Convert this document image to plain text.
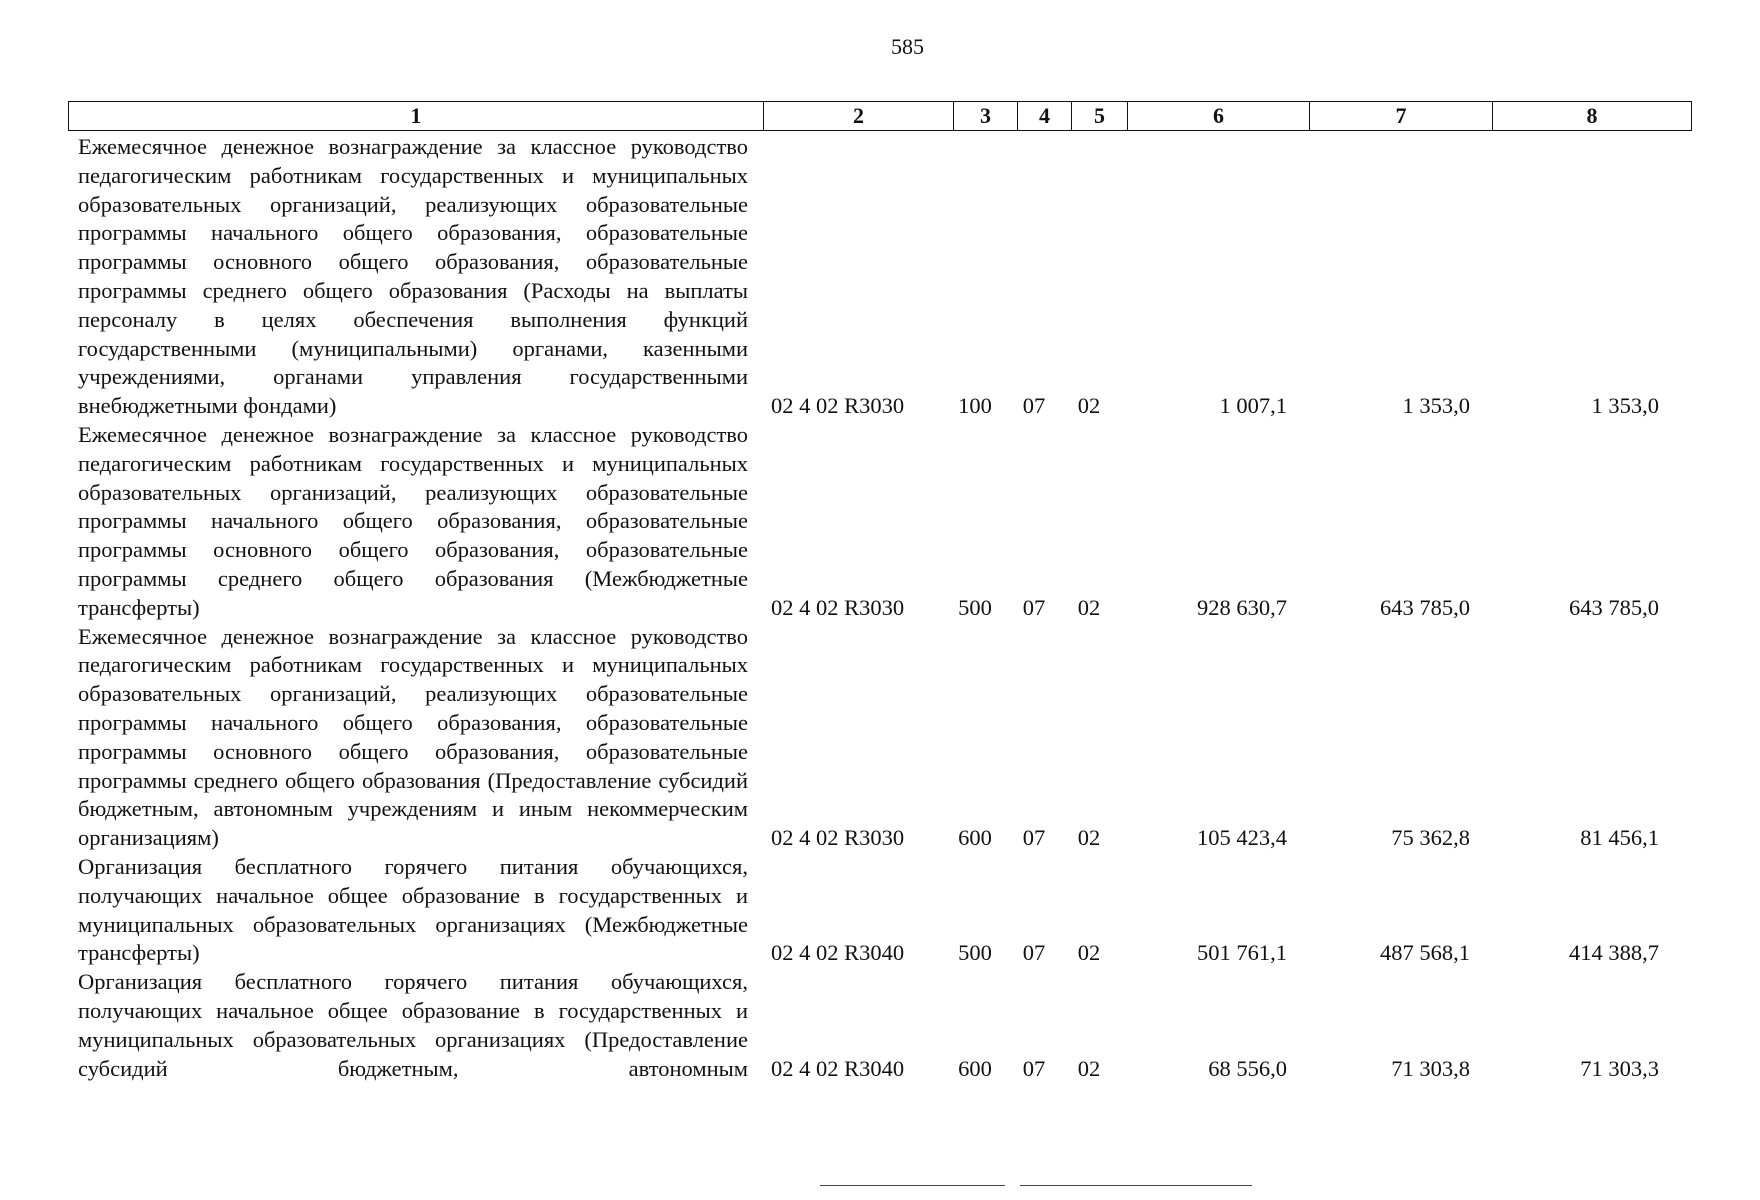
585
1	2	3	4	5	6	7	8
Ежемесячное денежное вознаграждение за классное руководство педагогическим работникам государственных и муниципальных образовательных организаций, реализующих образовательные программы начального общего образования, образовательные программы основного общего образования, образовательные программы среднего общего образования (Расходы на выплаты персоналу в целях обеспечения выполнения функций государственными (муниципальными) органами, казенными учреждениями, органами управления государственными внебюджетными фондами)	02 4 02 R3030	100	07	02	1 007,1	1 353,0	1 353,0
Ежемесячное денежное вознаграждение за классное руководство педагогическим работникам государственных и муниципальных образовательных организаций, реализующих образовательные программы начального общего образования, образовательные программы основного общего образования, образовательные программы среднего общего образования (Межбюджетные трансферты)	02 4 02 R3030	500	07	02	928 630,7	643 785,0	643 785,0
Ежемесячное денежное вознаграждение за классное руководство педагогическим работникам государственных и муниципальных образовательных организаций, реализующих образовательные программы начального общего образования, образовательные программы основного общего образования, образовательные программы среднего общего образования (Предоставление субсидий бюджетным, автономным учреждениям и иным некоммерческим организациям)	02 4 02 R3030	600	07	02	105 423,4	75 362,8	81 456,1
Организация бесплатного горячего питания обучающихся, получающих начальное общее образование в государственных и муниципальных образовательных организациях (Межбюджетные трансферты)	02 4 02 R3040	500	07	02	501 761,1	487 568,1	414 388,7
Организация бесплатного горячего питания обучающихся, получающих начальное общее образование в государственных и муниципальных образовательных организациях (Предоставление субсидий бюджетным, автономным	02 4 02 R3040	600	07	02	68 556,0	71 303,8	71 303,3
